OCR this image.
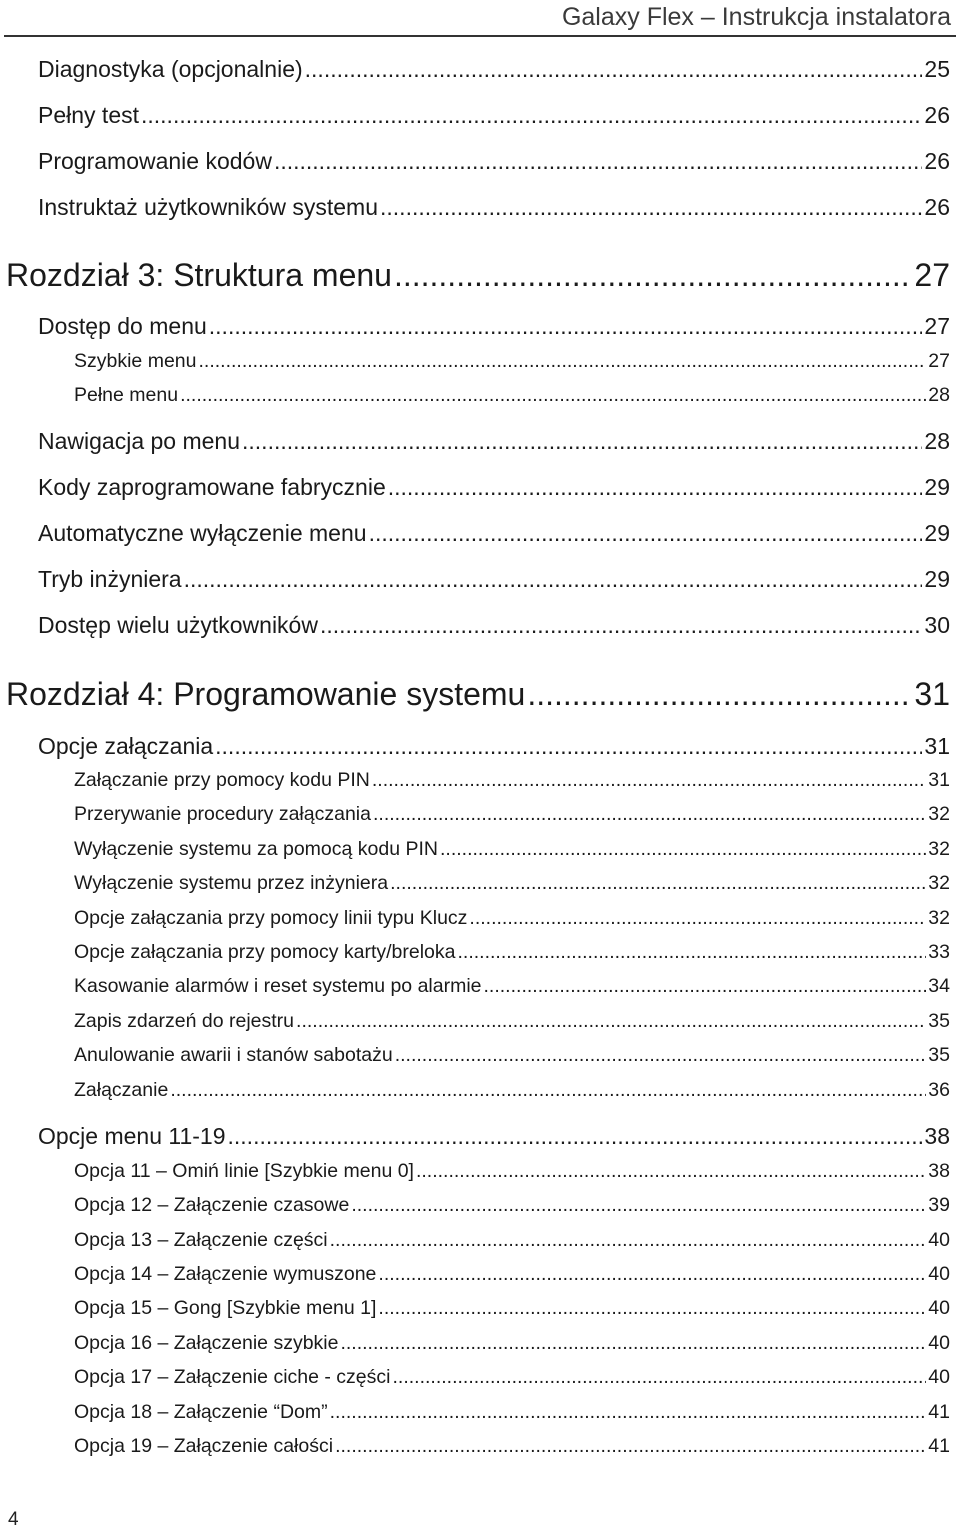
Galaxy Flex – Instrukcja instalatora
Diagnostyka (opcjonalnie) .....	25
Pełny test .....	26
Programowanie kodów .....	26
Instruktaż użytkowników systemu .....	26
Rozdział 3: Struktura menu .....	27
Dostęp do menu .....	27
Szybkie menu .....	27
Pełne menu .....	28
Nawigacja po menu .....	28
Kody zaprogramowane fabrycznie .....	29
Automatyczne wyłączenie menu .....	29
Tryb inżyniera .....	29
Dostęp wielu użytkowników .....	30
Rozdział 4: Programowanie systemu .....	31
Opcje załączania .....	31
Załączanie przy pomocy kodu PIN .....	31
Przerywanie procedury załączania .....	32
Wyłączenie systemu za pomocą kodu PIN .....	32
Wyłączenie systemu przez inżyniera .....	32
Opcje załączania przy pomocy linii typu Klucz .....	32
Opcje załączania przy pomocy karty/breloka .....	33
Kasowanie alarmów i reset systemu po alarmie .....	34
Zapis zdarzeń do rejestru .....	35
Anulowanie awarii i stanów sabotażu .....	35
Załączanie .....	36
Opcje menu 11-19 .....	38
Opcja 11 – Omiń linie [Szybkie menu 0] .....	38
Opcja 12 – Załączenie czasowe .....	39
Opcja 13 – Załączenie części .....	40
Opcja 14 – Załączenie wymuszone .....	40
Opcja 15 – Gong [Szybkie menu 1] .....	40
Opcja 16 – Załączenie szybkie .....	40
Opcja 17 – Załączenie ciche - części .....	40
Opcja 18 – Załączenie “Dom” .....	41
Opcja 19 – Załączenie całości .....	41
4
